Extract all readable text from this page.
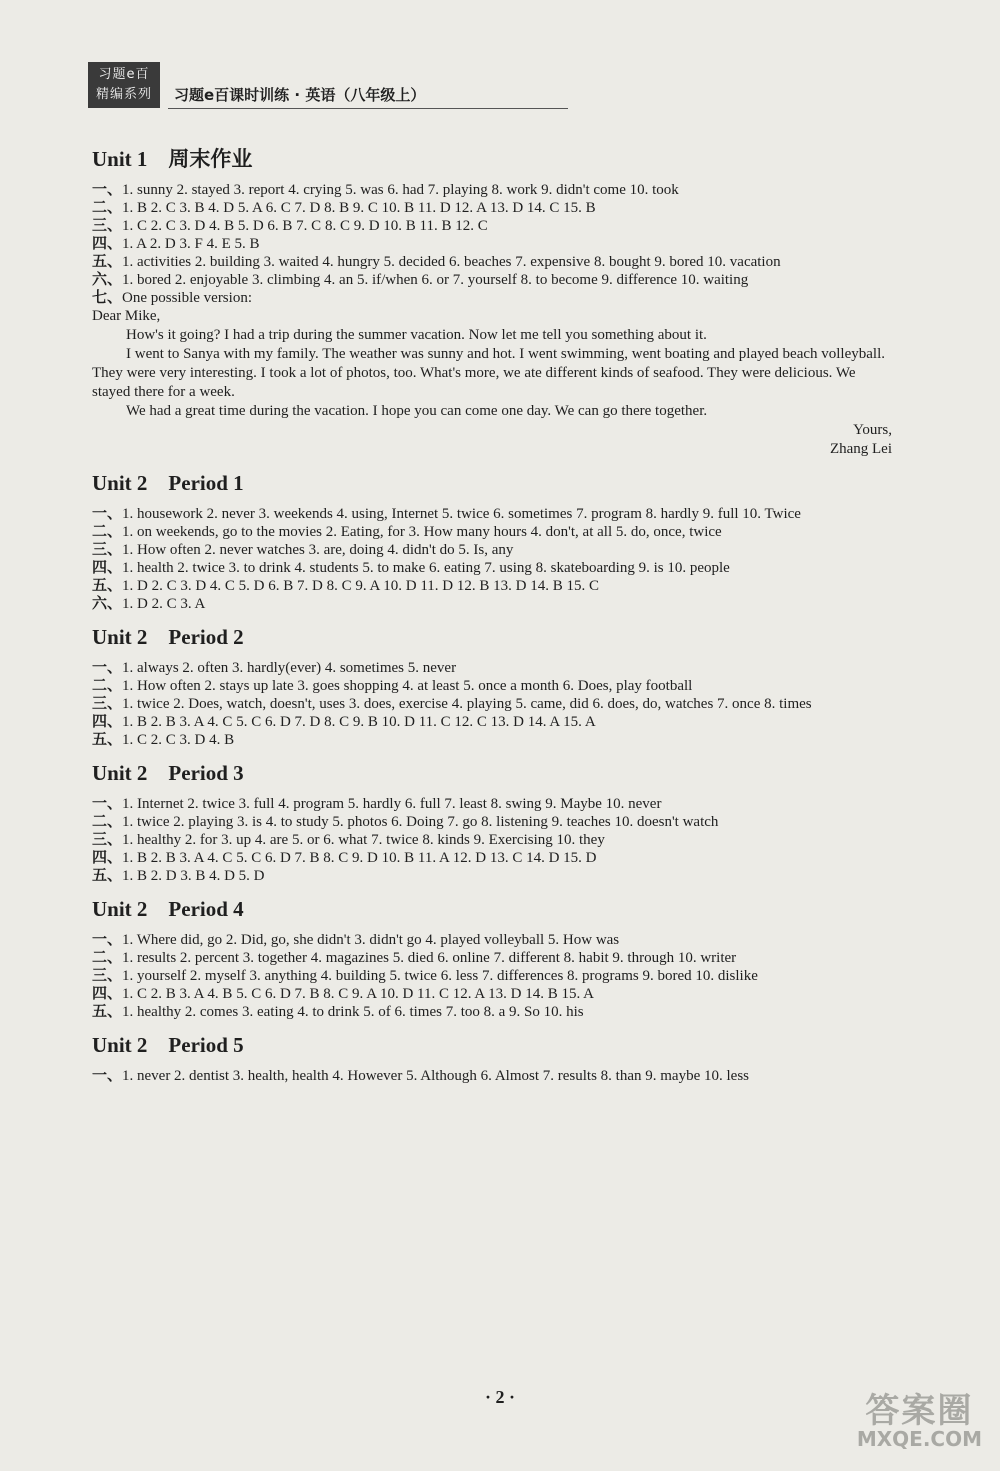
习题e百
精编系列	习题e百课时训练 · 英语（八年级上）
Unit 1　周末作业
一、 1. sunny 2. stayed 3. report 4. crying 5. was 6. had 7. playing 8. work 9. didn't come 10. took
二、 1. B 2. C 3. B 4. D 5. A 6. C 7. D 8. B 9. C 10. B 11. D 12. A 13. D 14. C 15. B
三、 1. C 2. C 3. D 4. B 5. D 6. B 7. C 8. C 9. D 10. B 11. B 12. C
四、 1. A 2. D 3. F 4. E 5. B
五、 1. activities 2. building 3. waited 4. hungry 5. decided 6. beaches 7. expensive 8. bought 9. bored 10. vacation
六、 1. bored 2. enjoyable 3. climbing 4. an 5. if/when 6. or 7. yourself 8. to become 9. difference 10. waiting
七、 One possible version:
Dear Mike,
How's it going? I had a trip during the summer vacation. Now let me tell you something about it.
I went to Sanya with my family. The weather was sunny and hot. I went swimming, went boating and played beach volleyball. They were very interesting. I took a lot of photos, too. What's more, we ate different kinds of seafood. They were delicious. We stayed there for a week.
We had a great time during the vacation. I hope you can come one day. We can go there together.
Yours,
Zhang Lei
Unit 2　Period 1
一、 1. housework 2. never 3. weekends 4. using, Internet 5. twice 6. sometimes 7. program 8. hardly 9. full 10. Twice
二、 1. on weekends, go to the movies 2. Eating, for 3. How many hours 4. don't, at all 5. do, once, twice
三、 1. How often 2. never watches 3. are, doing 4. didn't do 5. Is, any
四、 1. health 2. twice 3. to drink 4. students 5. to make 6. eating 7. using 8. skateboarding 9. is 10. people
五、 1. D 2. C 3. D 4. C 5. D 6. B 7. D 8. C 9. A 10. D 11. D 12. B 13. D 14. B 15. C
六、 1. D 2. C 3. A
Unit 2　Period 2
一、 1. always 2. often 3. hardly(ever) 4. sometimes 5. never
二、 1. How often 2. stays up late 3. goes shopping 4. at least 5. once a month 6. Does, play football
三、 1. twice 2. Does, watch, doesn't, uses 3. does, exercise 4. playing 5. came, did 6. does, do, watches 7. once 8. times
四、 1. B 2. B 3. A 4. C 5. C 6. D 7. D 8. C 9. B 10. D 11. C 12. C 13. D 14. A 15. A
五、 1. C 2. C 3. D 4. B
Unit 2　Period 3
一、 1. Internet 2. twice 3. full 4. program 5. hardly 6. full 7. least 8. swing 9. Maybe 10. never
二、 1. twice 2. playing 3. is 4. to study 5. photos 6. Doing 7. go 8. listening 9. teaches 10. doesn't watch
三、 1. healthy 2. for 3. up 4. are 5. or 6. what 7. twice 8. kinds 9. Exercising 10. they
四、 1. B 2. B 3. A 4. C 5. C 6. D 7. B 8. C 9. D 10. B 11. A 12. D 13. C 14. D 15. D
五、 1. B 2. D 3. B 4. D 5. D
Unit 2　Period 4
一、 1. Where did, go 2. Did, go, she didn't 3. didn't go 4. played volleyball 5. How was
二、 1. results 2. percent 3. together 4. magazines 5. died 6. online 7. different 8. habit 9. through 10. writer
三、 1. yourself 2. myself 3. anything 4. building 5. twice 6. less 7. differences 8. programs 9. bored 10. dislike
四、 1. C 2. B 3. A 4. B 5. C 6. D 7. B 8. C 9. A 10. D 11. C 12. A 13. D 14. B 15. A
五、 1. healthy 2. comes 3. eating 4. to drink 5. of 6. times 7. too 8. a 9. So 10. his
Unit 2　Period 5
一、 1. never 2. dentist 3. health, health 4. However 5. Although 6. Almost 7. results 8. than 9. maybe 10. less
· 2 ·	答案圈
MXQE.COM
